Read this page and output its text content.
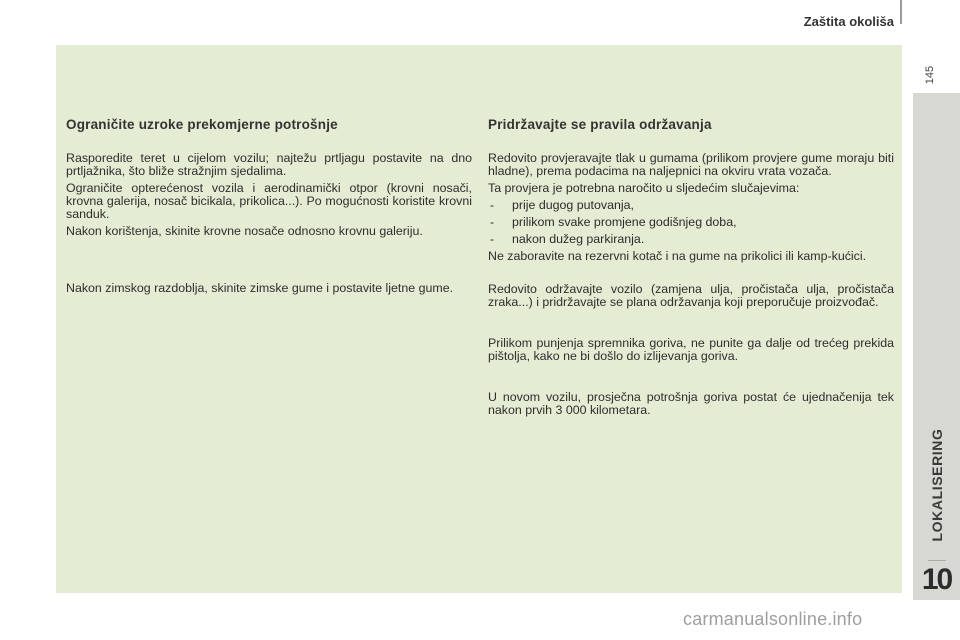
Zaštita okoliša
145
LOKALISERING
10
Ograničite uzroke prekomjerne potrošnje

Rasporedite teret u cijelom vozilu; najtežu prtljagu postavite na dno prtljažnika, što bliže stražnjim sjedalima.

Ograničite opterećenost vozila i aerodinamički otpor (krovni nosači, krovna galerija, nosač bicikala, prikolica...). Po mogućnosti koristite krovni sanduk.

Nakon korištenja, skinite krovne nosače odnosno krovnu galeriju.

Nakon zimskog razdoblja, skinite zimske gume i postavite ljetne gume.

Pridržavajte se pravila održavanja

Redovito provjeravajte tlak u gumama (prilikom provjere gume moraju biti hladne), prema podacima na naljepnici na okviru vrata vozača.

Ta provjera je potrebna naročito u sljedećim slučajevima:

- prije dugog putovanja,
- prilikom svake promjene godišnjeg doba,
- nakon dužeg parkiranja.

Ne zaboravite na rezervni kotač i na gume na prikolici ili kamp-kućici.

Redovito održavajte vozilo (zamjena ulja, pročistača ulja, pročistača zraka...) i pridržavajte se plana održavanja koji preporučuje proizvođač.

Prilikom punjenja spremnika goriva, ne punite ga dalje od trećeg prekida pištolja, kako ne bi došlo do izlijevanja goriva.

U novom vozilu, prosječna potrošnja goriva postat će ujednačenija tek nakon prvih 3 000 kilometara.

carmanualsonline.info
